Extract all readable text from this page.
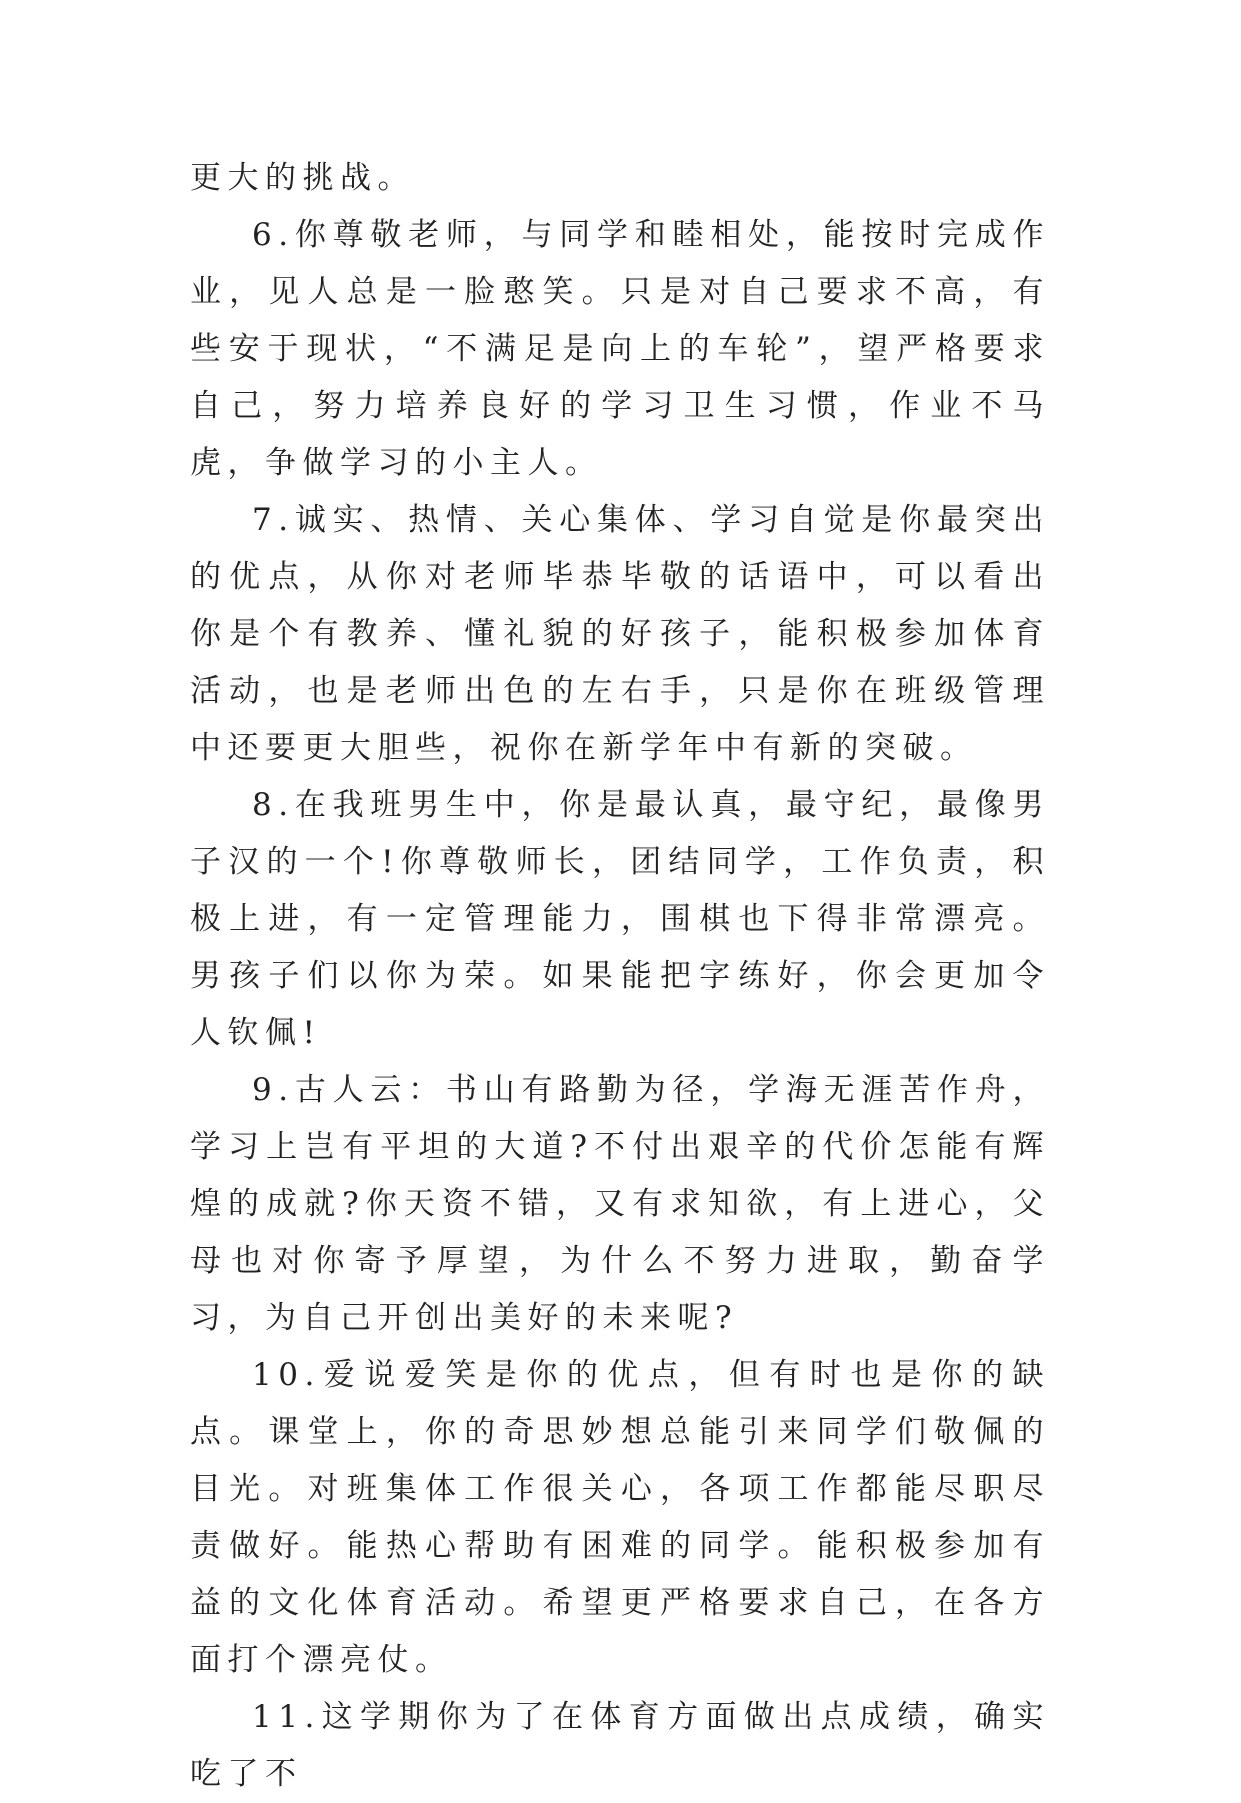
更大的挑战。

6.你尊敬老师，与同学和睦相处，能按时完成作业，见人总是一脸憨笑。只是对自己要求不高，有些安于现状，“不满足是向上的车轮”，望严格要求自己，努力培养良好的学习卫生习惯，作业不马虎，争做学习的小主人。

7.诚实、热情、关心集体、学习自觉是你最突出的优点，从你对老师毕恭毕敬的话语中，可以看出你是个有教养、懂礼貌的好孩子，能积极参加体育活动，也是老师出色的左右手，只是你在班级管理中还要更大胆些，祝你在新学年中有新的突破。

8.在我班男生中，你是最认真，最守纪，最像男子汉的一个!你尊敬师长，团结同学，工作负责，积极上进，有一定管理能力，围棋也下得非常漂亮。男孩子们以你为荣。如果能把字练好，你会更加令人钦佩!

9.古人云：书山有路勤为径，学海无涯苦作舟，学习上岂有平坦的大道?不付出艰辛的代价怎能有辉煌的成就?你天资不错，又有求知欲，有上进心，父母也对你寄予厚望，为什么不努力进取，勤奋学习，为自己开创出美好的未来呢?

10.爱说爱笑是你的优点，但有时也是你的缺点。课堂上，你的奇思妙想总能引来同学们敬佩的目光。对班集体工作很关心，各项工作都能尽职尽责做好。能热心帮助有困难的同学。能积极参加有益的文化体育活动。希望更严格要求自己，在各方面打个漂亮仗。

11.这学期你为了在体育方面做出点成绩，确实吃了不
